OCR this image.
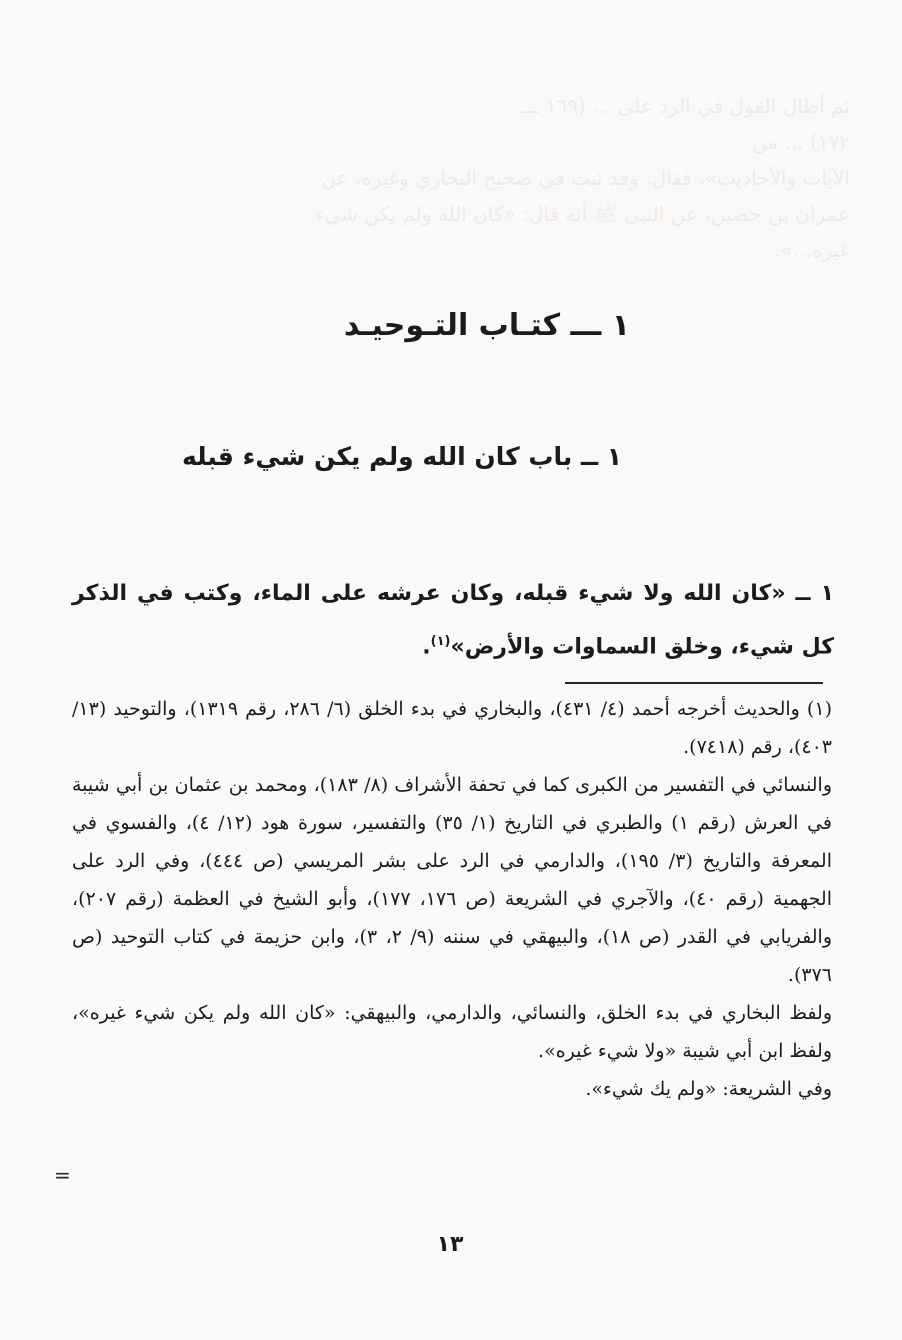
ثم أطال القول في الرد على ... (١٦٩ ـــ
١٧٢) ... من
الآيات والأحاديث»، فقال: وقد ثبت في صحيح البخاري وغيره، عن
عمران بن حصين، عن النبي ﷺ أنه قال: «كان الله ولم يكن شيء
غيره...».
١ ـــ كتـاب التـوحيـد
١ ــ باب كان الله ولم يكن شيء قبله
١ ــ «كان الله ولا شيء قبله، وكان عرشه على الماء، وكتب في الذكر كل شيء، وخلق السماوات والأرض»$^{(١)}$.

(١) والحديث أخرجه أحمد (٤/ ٤٣١)، والبخاري في بدء الخلق (٦/ ٢٨٦، رقم ١٣١٩)، والتوحيد (١٣/ ٤٠٣)، رقم (٧٤١٨).

والنسائي في التفسير من الكبرى كما في تحفة الأشراف (٨/ ١٨٣)، ومحمد بن عثمان بن أبي شيبة في العرش (رقم ١) والطبري في التاريخ (١/ ٣٥) والتفسير، سورة هود (١٢/ ٤)، والفسوي في المعرفة والتاريخ (٣/ ١٩٥)، والدارمي في الرد على بشر المريسي (ص ٤٤٤)، وفي الرد على الجهمية (رقم ٤٠)، والآجري في الشريعة (ص ١٧٦، ١٧٧)، وأبو الشيخ في العظمة (رقم ٢٠٧)، والفريابي في القدر (ص ١٨)، والبيهقي في سننه (٩/ ٢، ٣)، وابن حزيمة في كتاب التوحيد (ص ٣٧٦).

ولفظ البخاري في بدء الخلق، والنسائي، والدارمي، والبيهقي: «كان الله ولم يكن شيء غيره»، ولفظ ابن أبي شيبة «ولا شيء غيره».

وفي الشريعة: «ولم يك شيء».

=
١٣
